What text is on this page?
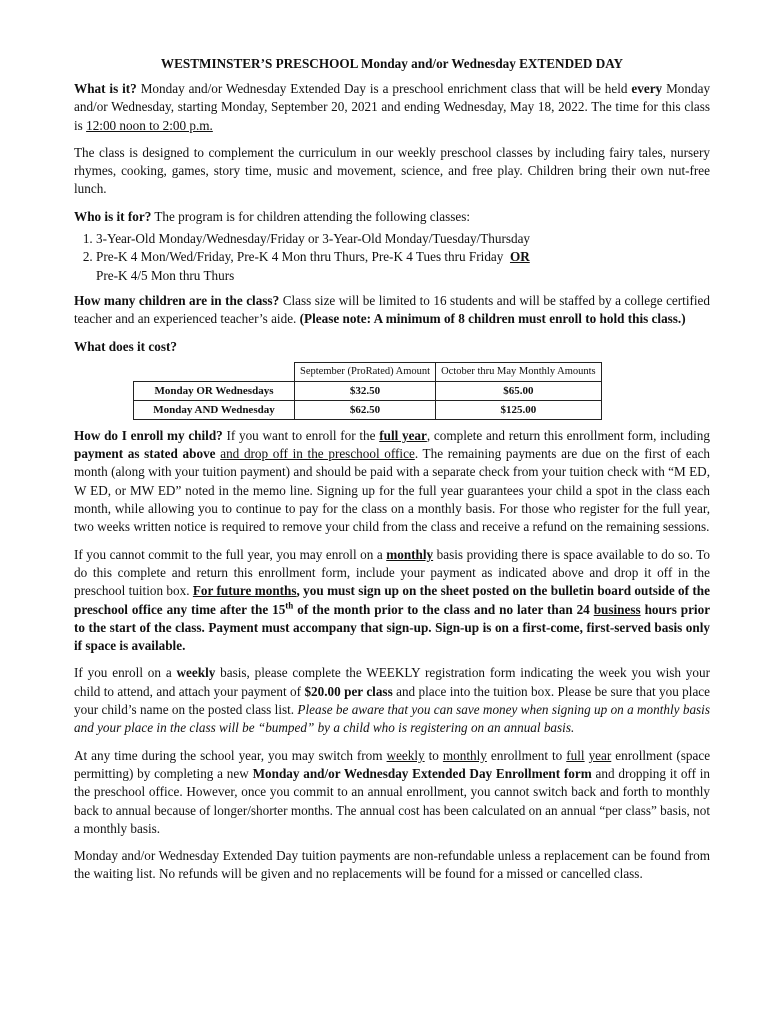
WESTMINSTER’S PRESCHOOL Monday and/or Wednesday EXTENDED DAY

What is it? Monday and/or Wednesday Extended Day is a preschool enrichment class that will be held every Monday and/or Wednesday, starting Monday, September 20, 2021 and ending Wednesday, May 18, 2022. The time for this class is 12:00 noon to 2:00 p.m.

The class is designed to complement the curriculum in our weekly preschool classes by including fairy tales, nursery rhymes, cooking, games, story time, music and movement, science, and free play. Children bring their own nut-free lunch.

Who is it for? The program is for children attending the following classes:

1. 3-Year-Old Monday/Wednesday/Friday or 3-Year-Old Monday/Tuesday/Thursday
2. Pre-K 4 Mon/Wed/Friday, Pre-K 4 Mon thru Thurs, Pre-K 4 Tues thru Friday OR
Pre-K 4/5 Mon thru Thurs

How many children are in the class? Class size will be limited to 16 students and will be staffed by a college certified teacher and an experienced teacher’s aide. (Please note: A minimum of 8 children must enroll to hold this class.)

What does it cost?

	September (ProRated) Amount	October thru May Monthly Amounts
Monday OR Wednesdays	$32.50	$65.00
Monday AND Wednesday	$62.50	$125.00

How do I enroll my child? If you want to enroll for the full year, complete and return this enrollment form, including payment as stated above and drop off in the preschool office. The remaining payments are due on the first of each month (along with your tuition payment) and should be paid with a separate check from your tuition check with “M ED, W ED, or MW ED” noted in the memo line. Signing up for the full year guarantees your child a spot in the class each month, while allowing you to continue to pay for the class on a monthly basis. For those who register for the full year, two weeks written notice is required to remove your child from the class and receive a refund on the remaining sessions.

If you cannot commit to the full year, you may enroll on a monthly basis providing there is space available to do so. To do this complete and return this enrollment form, include your payment as indicated above and drop it off in the preschool tuition box. For future months, you must sign up on the sheet posted on the bulletin board outside of the preschool office any time after the 15th of the month prior to the class and no later than 24 business hours prior to the start of the class. Payment must accompany that sign-up. Sign-up is on a first-come, first-served basis only if space is available.

If you enroll on a weekly basis, please complete the WEEKLY registration form indicating the week you wish your child to attend, and attach your payment of $20.00 per class and place into the tuition box. Please be sure that you place your child’s name on the posted class list. Please be aware that you can save money when signing up on a monthly basis and your place in the class will be “bumped” by a child who is registering on an annual basis.

At any time during the school year, you may switch from weekly to monthly enrollment to full year enrollment (space permitting) by completing a new Monday and/or Wednesday Extended Day Enrollment form and dropping it off in the preschool office. However, once you commit to an annual enrollment, you cannot switch back and forth to monthly back to annual because of longer/shorter months. The annual cost has been calculated on an annual “per class” basis, not a monthly basis.

Monday and/or Wednesday Extended Day tuition payments are non-refundable unless a replacement can be found from the waiting list. No refunds will be given and no replacements will be found for a missed or cancelled class.
